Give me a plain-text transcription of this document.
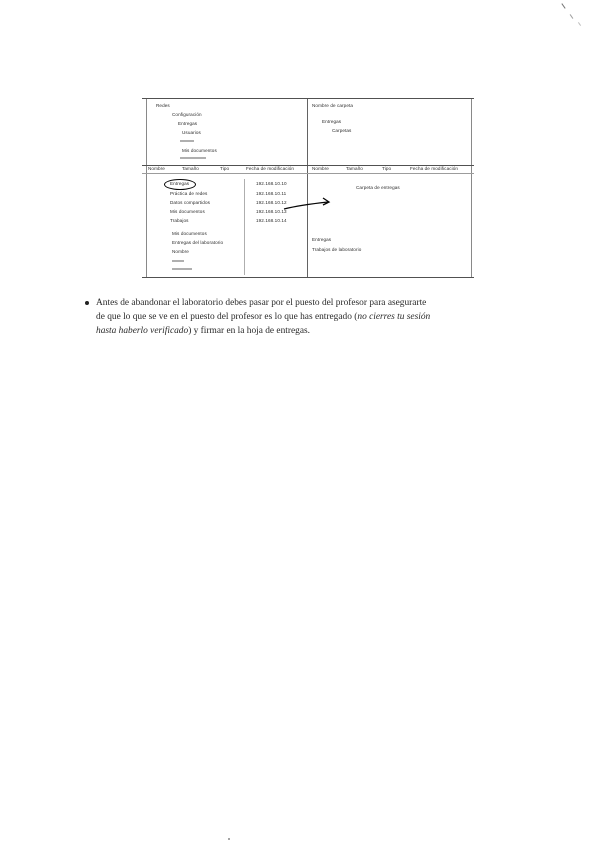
Redes
Configuración
Entregas
Usuarios
Mis documentos
Nombre de carpeta
Entregas
Carpetas
Nombre	Tamaño	Tipo	Fecha de modificación	Nombre	Tamaño	Tipo	Fecha de modificación
Entregas	192.168.10.10
Práctica de redes	192.168.10.11
Datos compartidos	192.168.10.12
Mis documentos	192.168.10.13
Trabajos	192.168.10.14
Mis documentos
Entregas del laboratorio
Nombre
Carpeta de entregas
Entregas
Trabajos de laboratorio

Antes de abandonar el laboratorio debes pasar por el puesto del profesor para asegurarte
de que lo que se ve en el puesto del profesor es lo que has entregado (no cierres tu sesión
hasta haberlo verificado) y firmar en la hoja de entregas.
